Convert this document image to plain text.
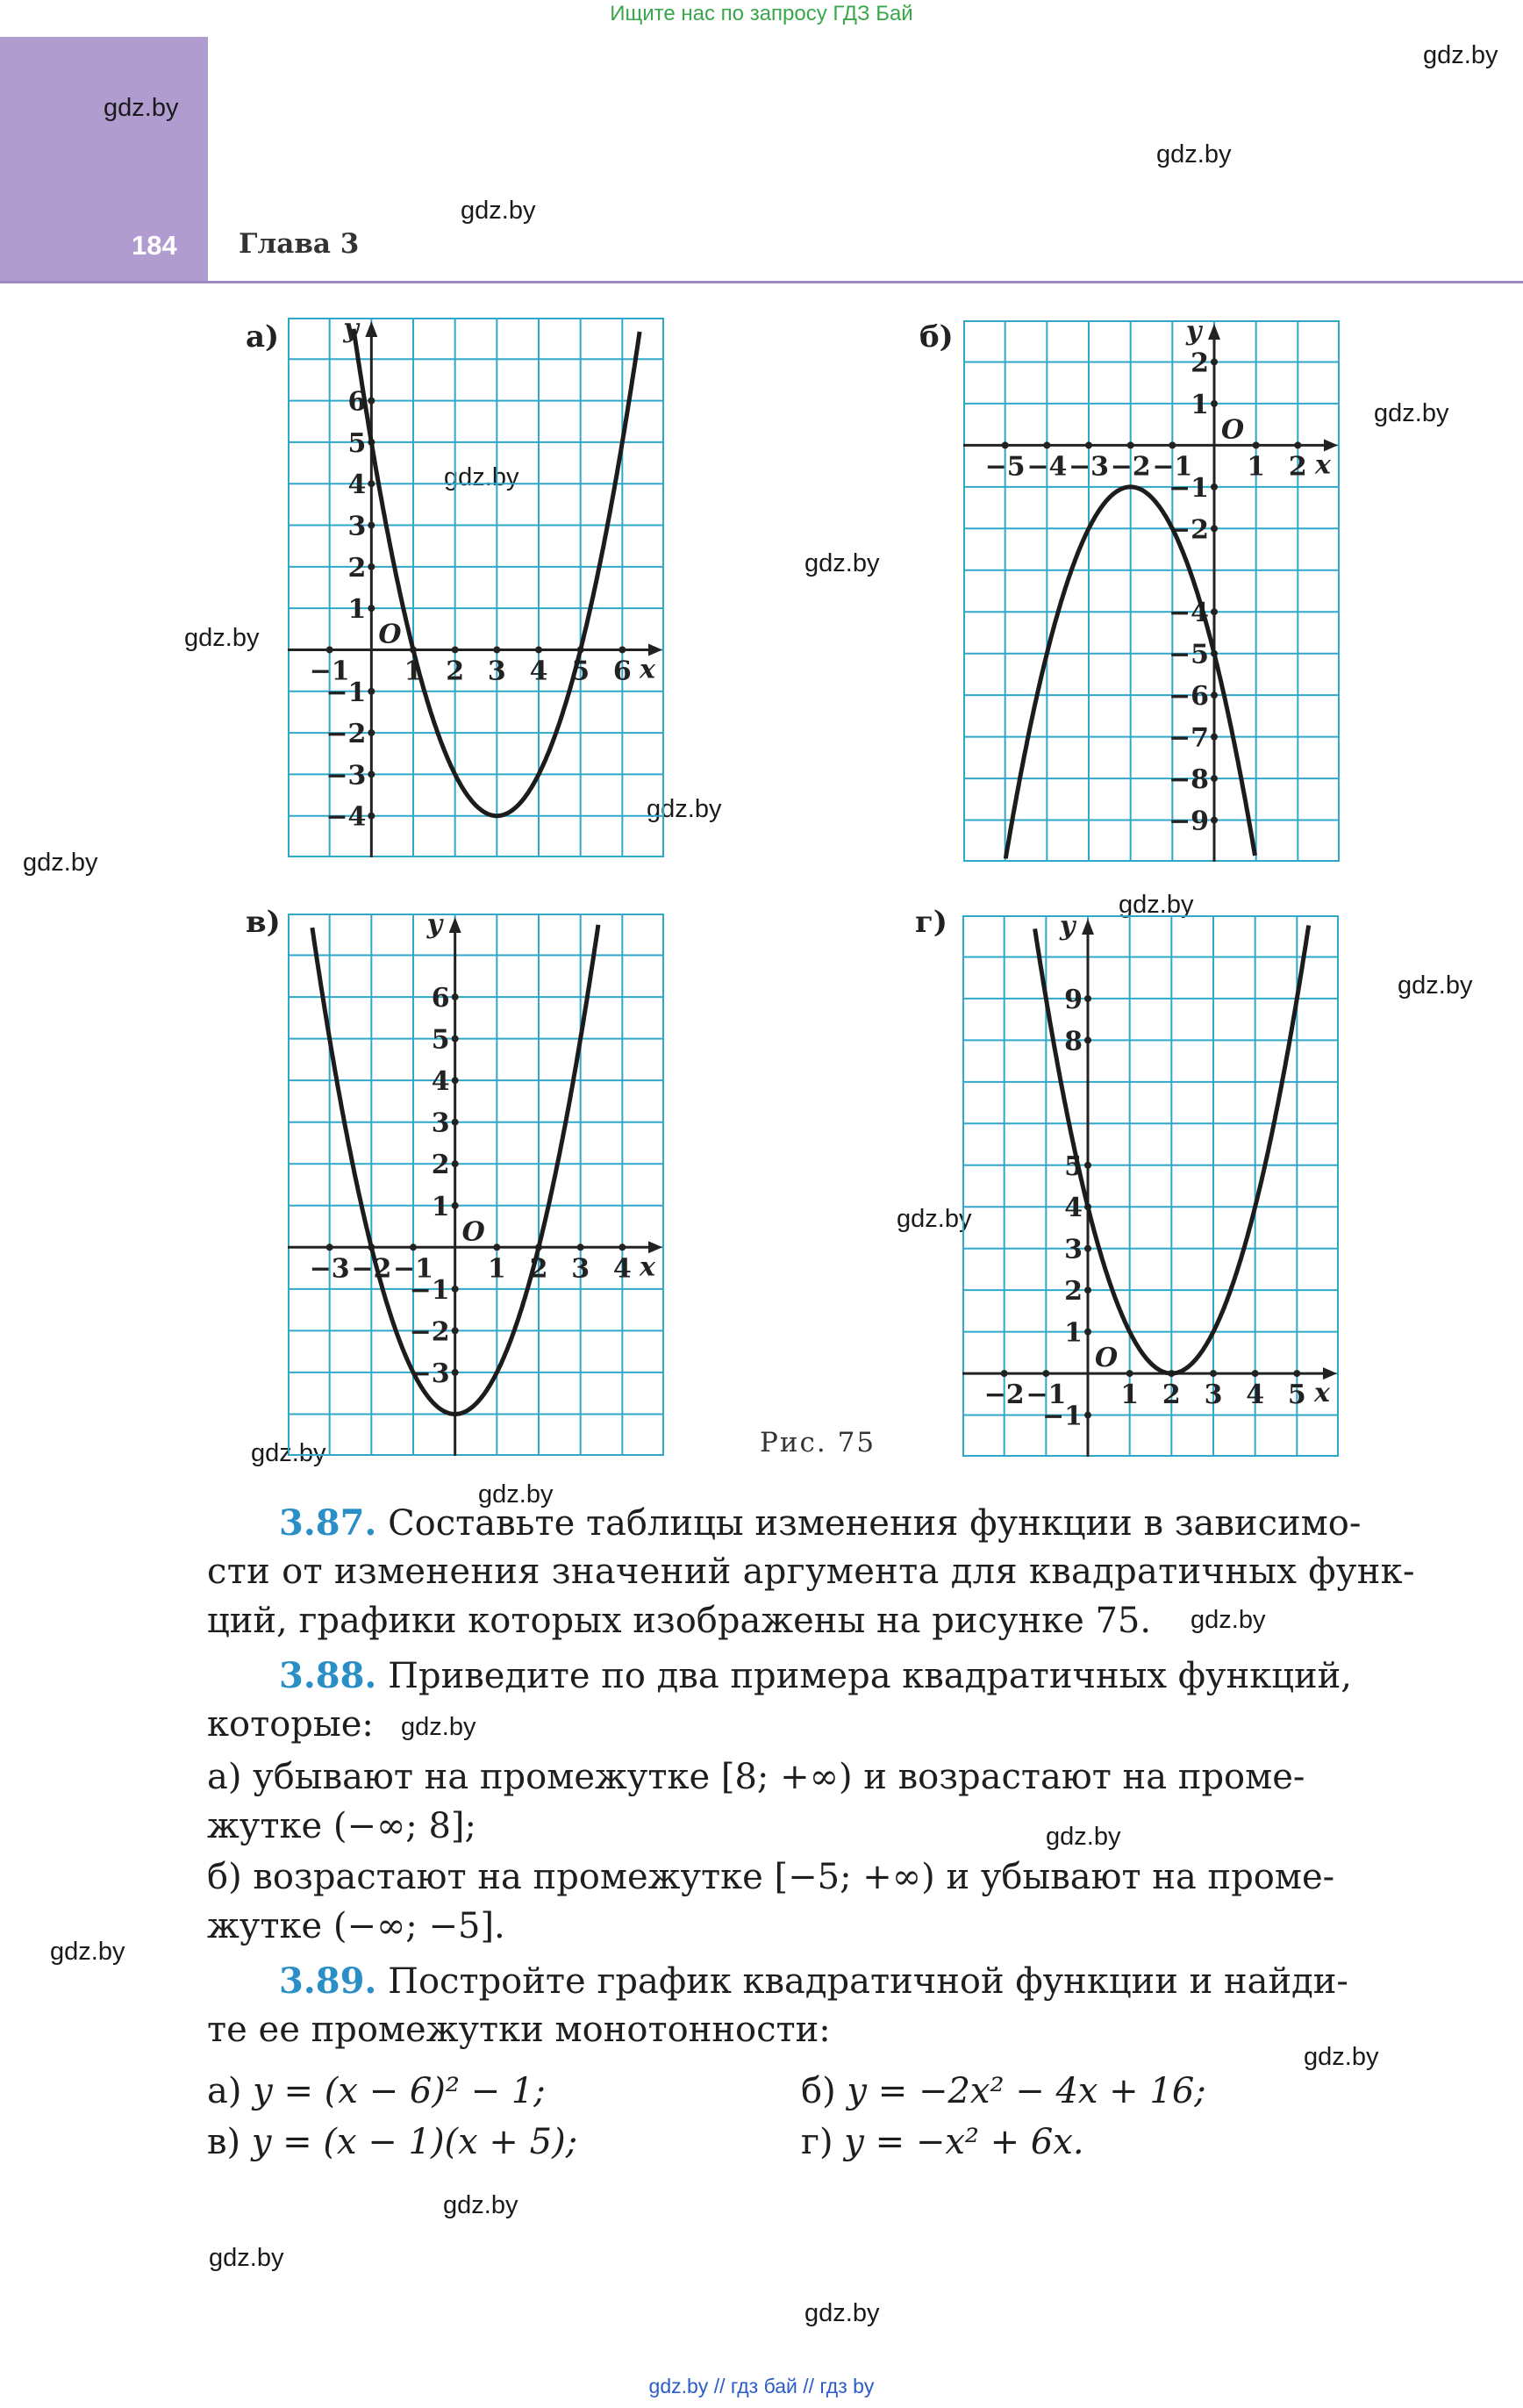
Ищите нас по запросу ГДЗ Бай
184 Глава 3
gdz.by
gdz.by
gdz.by
gdz.by
gdz.by
gdz.by
gdz.by
gdz.by
gdz.by
gdz.by
gdz.by
gdz.by
gdz.by
gdz.by
gdz.by
gdz.by
gdz.by
gdz.by
gdz.by
gdz.by
gdz.by
gdz.by
gdz.by
а)	б)
в)	г)
x
y
O
−1 1 2 3 4 5 6
6
5
4
3
2
1
−1
−2
−3
−4
x
y
O
−5 −4 −3 −2 −1 1 2
2
1
−1
−2
−4
−5
−6
−7
−8
−9
x
y
O
−3 −2 −1 1 2 3 4
6
5
4
3
2
1
−1
−2
−3
x
y
O
−2 −1 1 2 3 4 5
9
8
5
4
3
2
1
−1
Рис. 75
3.87. Составьте таблицы изменения функции в зависимо-
сти от изменения значений аргумента для квадратичных функ-
ций, графики которых изображены на рисунке 75.
3.88. Приведите по два примера квадратичных функций,
которые:
а) убывают на промежутке [8; +∞) и возрастают на проме-
жутке (−∞; 8];
б) возрастают на промежутке [−5; +∞) и убывают на проме-
жутке (−∞; −5].
3.89. Постройте график квадратичной функции и найди-
те ее промежутки монотонности:
а) y = (x − 6)² − 1;	б) y = −2x² − 4x + 16;
в) y = (x − 1)(x + 5);	г) y = −x² + 6x.
gdz.by // гдз бай // гдз by
